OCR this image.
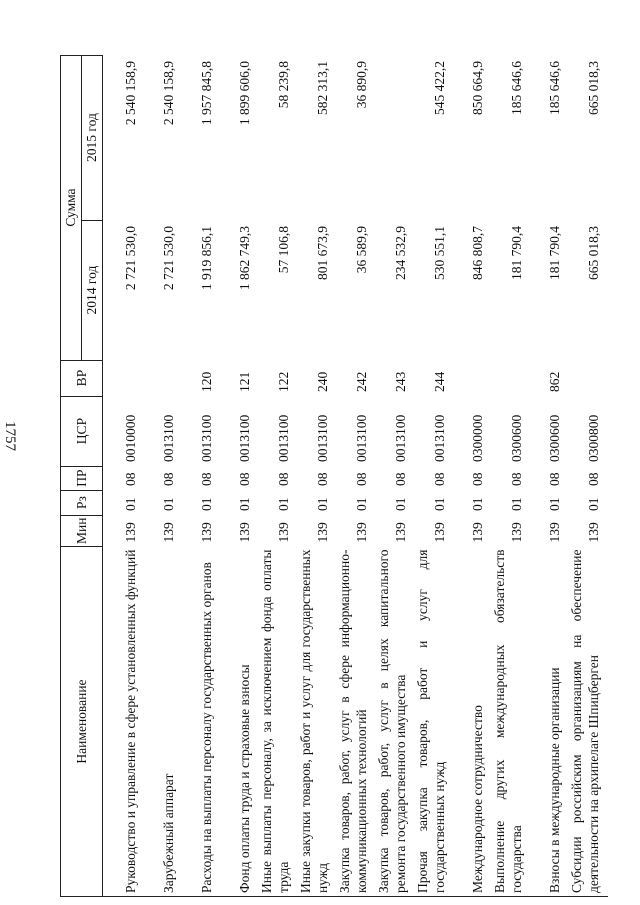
1757
Наименование	Мин	Рз	ПР	ЦСР	ВР	Сумма	
						2014 год	2015 год
Руководство и управление в сфере установленных функций	139	01	08	0010000		2 721 530,0	2 540 158,9
Зарубежный аппарат	139	01	08	0013100		2 721 530,0	2 540 158,9
Расходы на выплаты персоналу государственных органов	139	01	08	0013100	120	1 919 856,1	1 957 845,8
Фонд оплаты труда и страховые взносы	139	01	08	0013100	121	1 862 749,3	1 899 606,0
Иные выплаты персоналу, за исключением фонда оплаты труда	139	01	08	0013100	122	57 106,8	58 239,8
Иные закупки товаров, работ и услуг для государственных нужд	139	01	08	0013100	240	801 673,9	582 313,1
Закупка товаров, работ, услуг в сфере информационно-коммуникационных технологий	139	01	08	0013100	242	36 589,9	36 890,9
Закупка товаров, работ, услуг в целях капитального ремонта государственного имущества	139	01	08	0013100	243	234 532,9	
Прочая закупка товаров, работ и услуг для государственных нужд	139	01	08	0013100	244	530 551,1	545 422,2
Международное сотрудничество	139	01	08	0300000		846 808,7	850 664,9
Выполнение других международных обязательств государства	139	01	08	0300600		181 790,4	185 646,6
Взносы в международные организации	139	01	08	0300600	862	181 790,4	185 646,6
Субсидии российским организациям на обеспечение деятельности на архипелаге Шпицберген	139	01	08	0300800		665 018,3	665 018,3
